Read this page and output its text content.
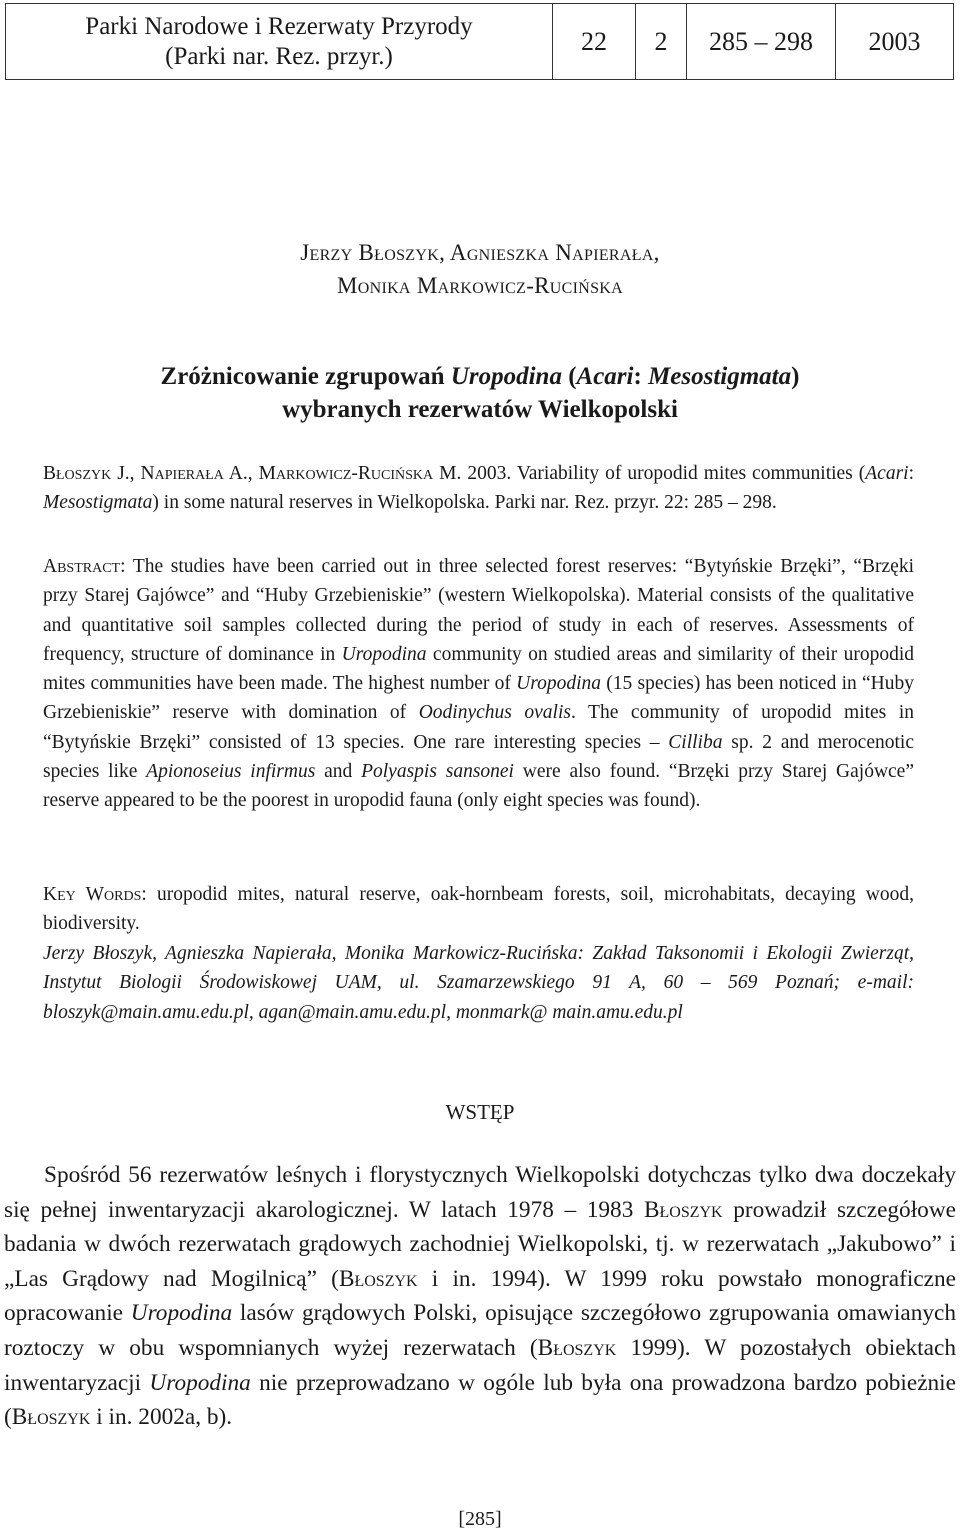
Parki Narodowe i Rezerwaty Przyrody
(Parki nar. Rez. przyr.)
22 2 285 – 298 2003
Jerzy Błoszyk, Agnieszka Napierała,
Monika Markowicz-Rucińska
Zróżnicowanie zgrupowań Uropodina (Acari: Mesostigmata)
wybranych rezerwatów Wielkopolski
Błoszyk J., Napierała A., Markowicz-Rucińska M. 2003. Variability of uropodid mites communities (Acari: Mesostigmata) in some natural reserves in Wielkopolska. Parki nar. Rez. przyr. 22: 285 – 298.
Abstract: The studies have been carried out in three selected forest reserves: “Bytyńskie Brzęki”, “Brzęki przy Starej Gajówce” and “Huby Grzebieniskie” (western Wielkopolska). Material consists of the qualitative and quantitative soil samples collected during the period of study in each of reserves. Assessments of frequency, structure of dominance in Uropodina community on studied areas and similarity of their uropodid mites communities have been made. The highest number of Uropodina (15 species) has been noticed in “Huby Grzebieniskie” reserve with domination of Oodinychus ovalis. The community of uropodid mites in “Bytyńskie Brzęki” consisted of 13 species. One rare interesting species – Cilliba sp. 2 and merocenotic species like Apionoseius infirmus and Polyaspis sansonei were also found. “Brzęki przy Starej Gajówce” reserve appeared to be the poorest in uropodid fauna (only eight species was found).
Key Words: uropodid mites, natural reserve, oak-hornbeam forests, soil, microhabitats, decaying wood, biodiversity.
Jerzy Błoszyk, Agnieszka Napierała, Monika Markowicz-Rucińska: Zakład Taksonomii i Ekologii Zwierząt, Instytut Biologii Środowiskowej UAM, ul. Szamarzewskiego 91 A, 60 – 569 Poznań; e-mail: bloszyk@main.amu.edu.pl, agan@main.amu.edu.pl, monmark@ main.amu.edu.pl
WSTĘP
Spośród 56 rezerwatów leśnych i florystycznych Wielkopolski dotychczas tylko dwa doczekały się pełnej inwentaryzacji akarologicznej. W latach 1978 – 1983 Błoszyk prowadził szczegółowe badania w dwóch rezerwatach grądowych zachodniej Wielkopolski, tj. w rezerwatach „Jakubowo” i „Las Grądowy nad Mogilnicą” (Błoszyk i in. 1994). W 1999 roku powstało monograficzne opracowanie Uropodina lasów grądowych Polski, opisujące szczegółowo zgrupowania omawianych roztoczy w obu wspomnianych wyżej rezerwatach (Błoszyk 1999). W pozostałych obiektach inwentaryzacji Uropodina nie przeprowadzano w ogóle lub była ona prowadzona bardzo pobieżnie (Błoszyk i in. 2002a, b).
[285]
